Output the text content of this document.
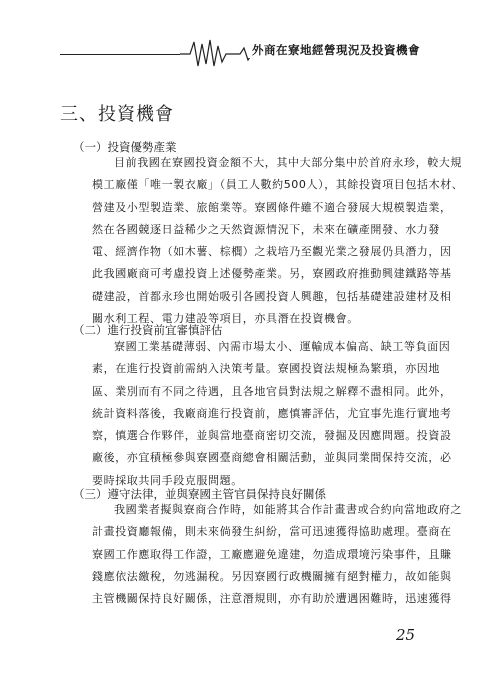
外商在寮地經營現況及投資機會
三、投資機會
（一）投資優勢產業
目前我國在寮國投資金額不大，其中大部分集中於首府永珍，較大規
模工廠僅「唯一製衣廠」（員工人數約500人），其餘投資項目包括木材、
營建及小型製造業、旅館業等。寮國條件雖不適合發展大規模製造業，
然在各國競逐日益稀少之天然資源情況下，未來在礦產開發、水力發
電、經濟作物（如木薯、棕櫚）之栽培乃至觀光業之發展仍具潛力，因
此我國廠商可考慮投資上述優勢產業。另，寮國政府推動興建鐵路等基
礎建設，首都永珍也開始吸引各國投資人興趣，包括基礎建設建材及相
關水利工程、電力建設等項目，亦具潛在投資機會。
（二）進行投資前宜審慎評估
寮國工業基礎薄弱、內需市場太小、運輸成本偏高、缺工等負面因
素，在進行投資前需納入決策考量。寮國投資法規極為繁瑣，亦因地
區、業別而有不同之待遇，且各地官員對法規之解釋不盡相同。此外，
統計資料落後，我廠商進行投資前，應慎審評估，尤宜事先進行實地考
察，慎選合作夥伴，並與當地臺商密切交流，發掘及因應問題。投資設
廠後，亦宜積極參與寮國臺商總會相關活動，並與同業間保持交流，必
要時採取共同手段克服問題。
（三）遵守法律，並與寮國主管官員保持良好關係
我國業者擬與寮商合作時，如能將其合作計畫書或合約向當地政府之
計畫投資廳報備，則未來倘發生糾紛，當可迅速獲得協助處理。臺商在
寮國工作應取得工作證，工廠應避免違建，勿造成環境污染事件，且賺
錢應依法繳稅，勿逃漏稅。另因寮國行政機關擁有絕對權力，故如能與
主管機關保持良好關係，注意潛規則，亦有助於遭遇困難時，迅速獲得
25
